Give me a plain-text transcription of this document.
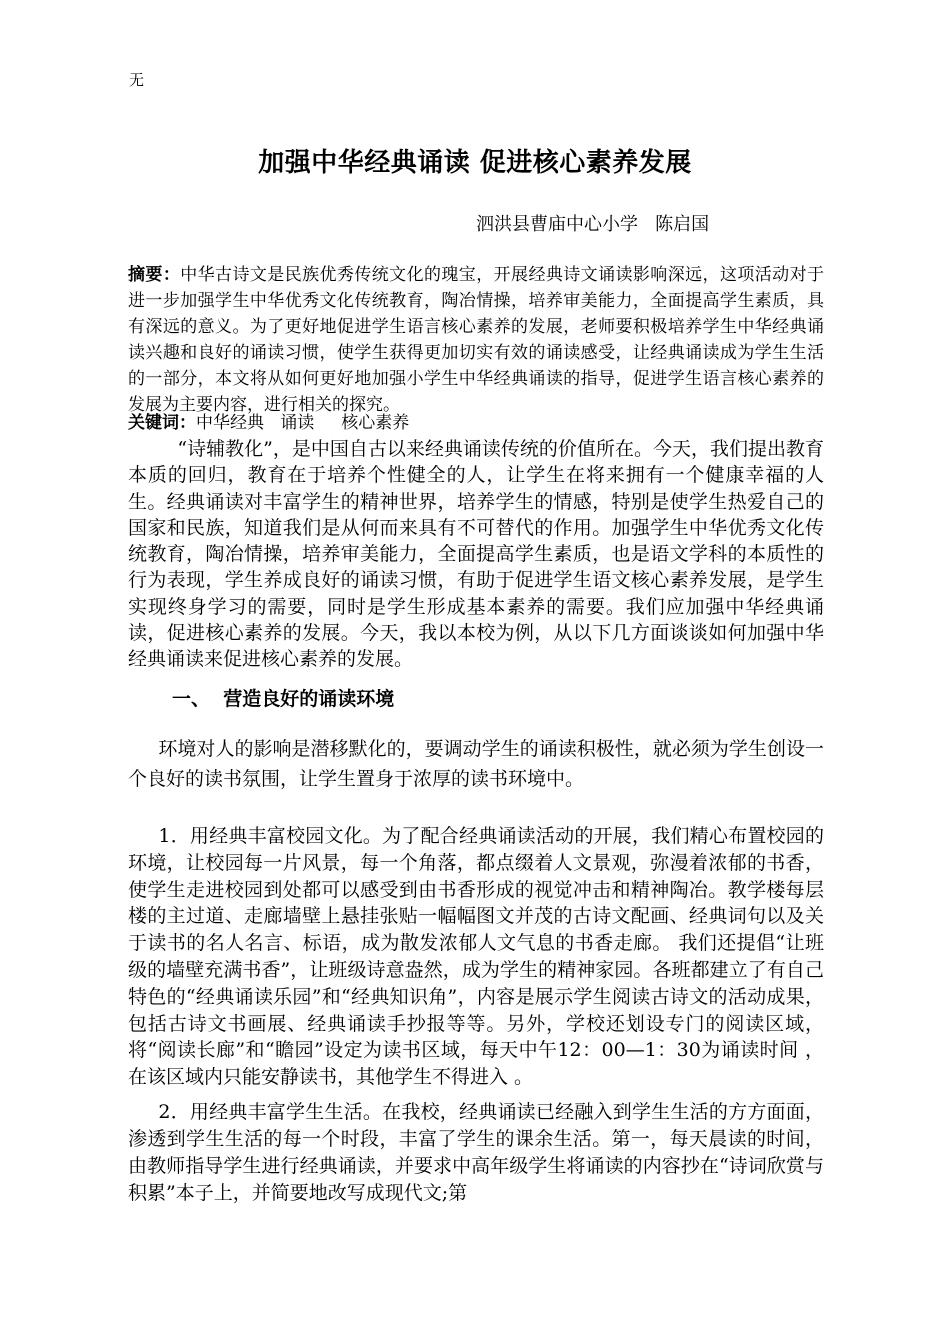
无
加强中华经典诵读 促进核心素养发展
泗洪县曹庙中心小学   陈启国
摘要：中华古诗文是民族优秀传统文化的瑰宝，开展经典诗文诵读影响深远，这项活动对于进一步加强学生中华优秀文化传统教育，陶冶情操，培养审美能力，全面提高学生素质，具有深远的意义。为了更好地促进学生语言核心素养的发展，老师要积极培养学生中华经典诵读兴趣和良好的诵读习惯，使学生获得更加切实有效的诵读感受，让经典诵读成为学生生活的一部分，本文将从如何更好地加强小学生中华经典诵读的指导，促进学生语言核心素养的发展为主要内容，进行相关的探究。
关键词：中华经典   诵读     核心素养
“诗辅教化”，是中国自古以来经典诵读传统的价值所在。今天，我们提出教育本质的回归，教育在于培养个性健全的人，让学生在将来拥有一个健康幸福的人生。经典诵读对丰富学生的精神世界，培养学生的情感，特别是使学生热爱自己的国家和民族，知道我们是从何而来具有不可替代的作用。加强学生中华优秀文化传统教育，陶冶情操，培养审美能力，全面提高学生素质，也是语文学科的本质性的行为表现，学生养成良好的诵读习惯，有助于促进学生语文核心素养发展，是学生实现终身学习的需要，同时是学生形成基本素养的需要。我们应加强中华经典诵读，促进核心素养的发展。今天，我以本校为例，从以下几方面谈谈如何加强中华经典诵读来促进核心素养的发展。
一、  营造良好的诵读环境
环境对人的影响是潜移默化的，要调动学生的诵读积极性，就必须为学生创设一个良好的读书氛围，让学生置身于浓厚的读书环境中。
1．用经典丰富校园文化。为了配合经典诵读活动的开展，我们精心布置校园的环境，让校园每一片风景，每一个角落，都点缀着人文景观，弥漫着浓郁的书香，使学生走进校园到处都可以感受到由书香形成的视觉冲击和精神陶冶。教学楼每层楼的主过道、走廊墙壁上悬挂张贴一幅幅图文并茂的古诗文配画、经典词句以及关于读书的名人名言、标语，成为散发浓郁人文气息的书香走廊。 我们还提倡“让班级的墙壁充满书香”，让班级诗意盎然，成为学生的精神家园。各班都建立了有自己特色的“经典诵读乐园”和“经典知识角”，内容是展示学生阅读古诗文的活动成果，包括古诗文书画展、经典诵读手抄报等等。另外，学校还划设专门的阅读区域，将“阅读长廊”和“瞻园”设定为读书区域，每天中午12：00—1：30为诵读时间 ，在该区域内只能安静读书，其他学生不得进入 。
2．用经典丰富学生生活。在我校，经典诵读已经融入到学生生活的方方面面，渗透到学生生活的每一个时段，丰富了学生的课余生活。第一，每天晨读的时间，由教师指导学生进行经典诵读，并要求中高年级学生将诵读的内容抄在“诗词欣赏与积累”本子上，并简要地改写成现代文;第
